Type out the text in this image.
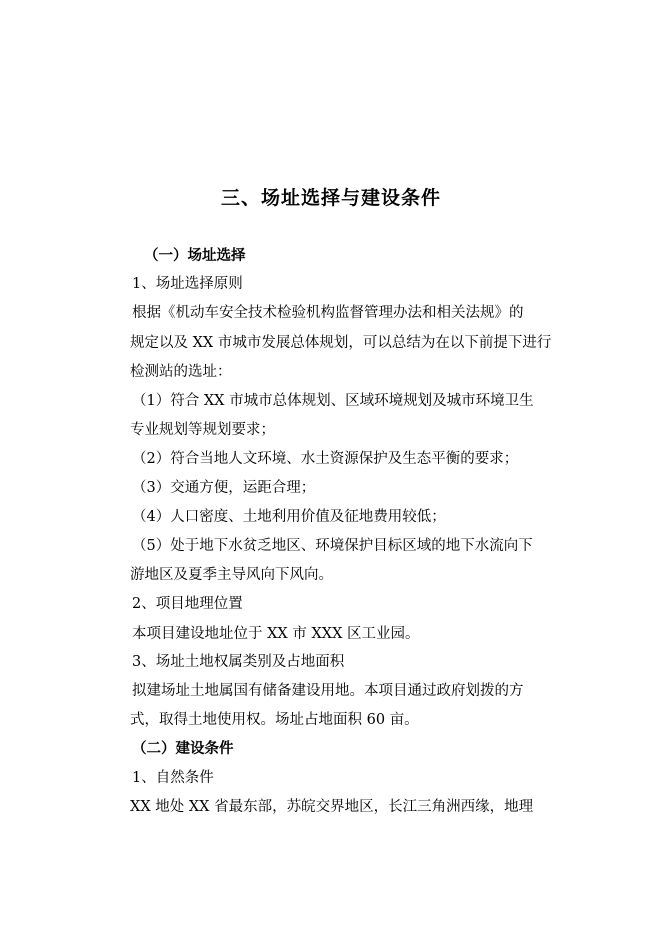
三、场址选择与建设条件
（一）场址选择
1、场址选择原则
根据《机动车安全技术检验机构监督管理办法和相关法规》的
规定以及 XX 市城市发展总体规划，可以总结为在以下前提下进行
检测站的选址：
（1）符合 XX 市城市总体规划、区域环境规划及城市环境卫生
专业规划等规划要求；
（2）符合当地人文环境、水土资源保护及生态平衡的要求；
（3）交通方便，运距合理；
（4）人口密度、土地利用价值及征地费用较低；
（5）处于地下水贫乏地区、环境保护目标区域的地下水流向下
游地区及夏季主导风向下风向。
2、项目地理位置
本项目建设地址位于 XX 市 XXX 区工业园。
3、场址土地权属类别及占地面积
拟建场址土地属国有储备建设用地。本项目通过政府划拨的方
式，取得土地使用权。场址占地面积 60 亩。
（二）建设条件
1、自然条件
XX 地处 XX 省最东部，苏皖交界地区，长江三角洲西缘，地理
